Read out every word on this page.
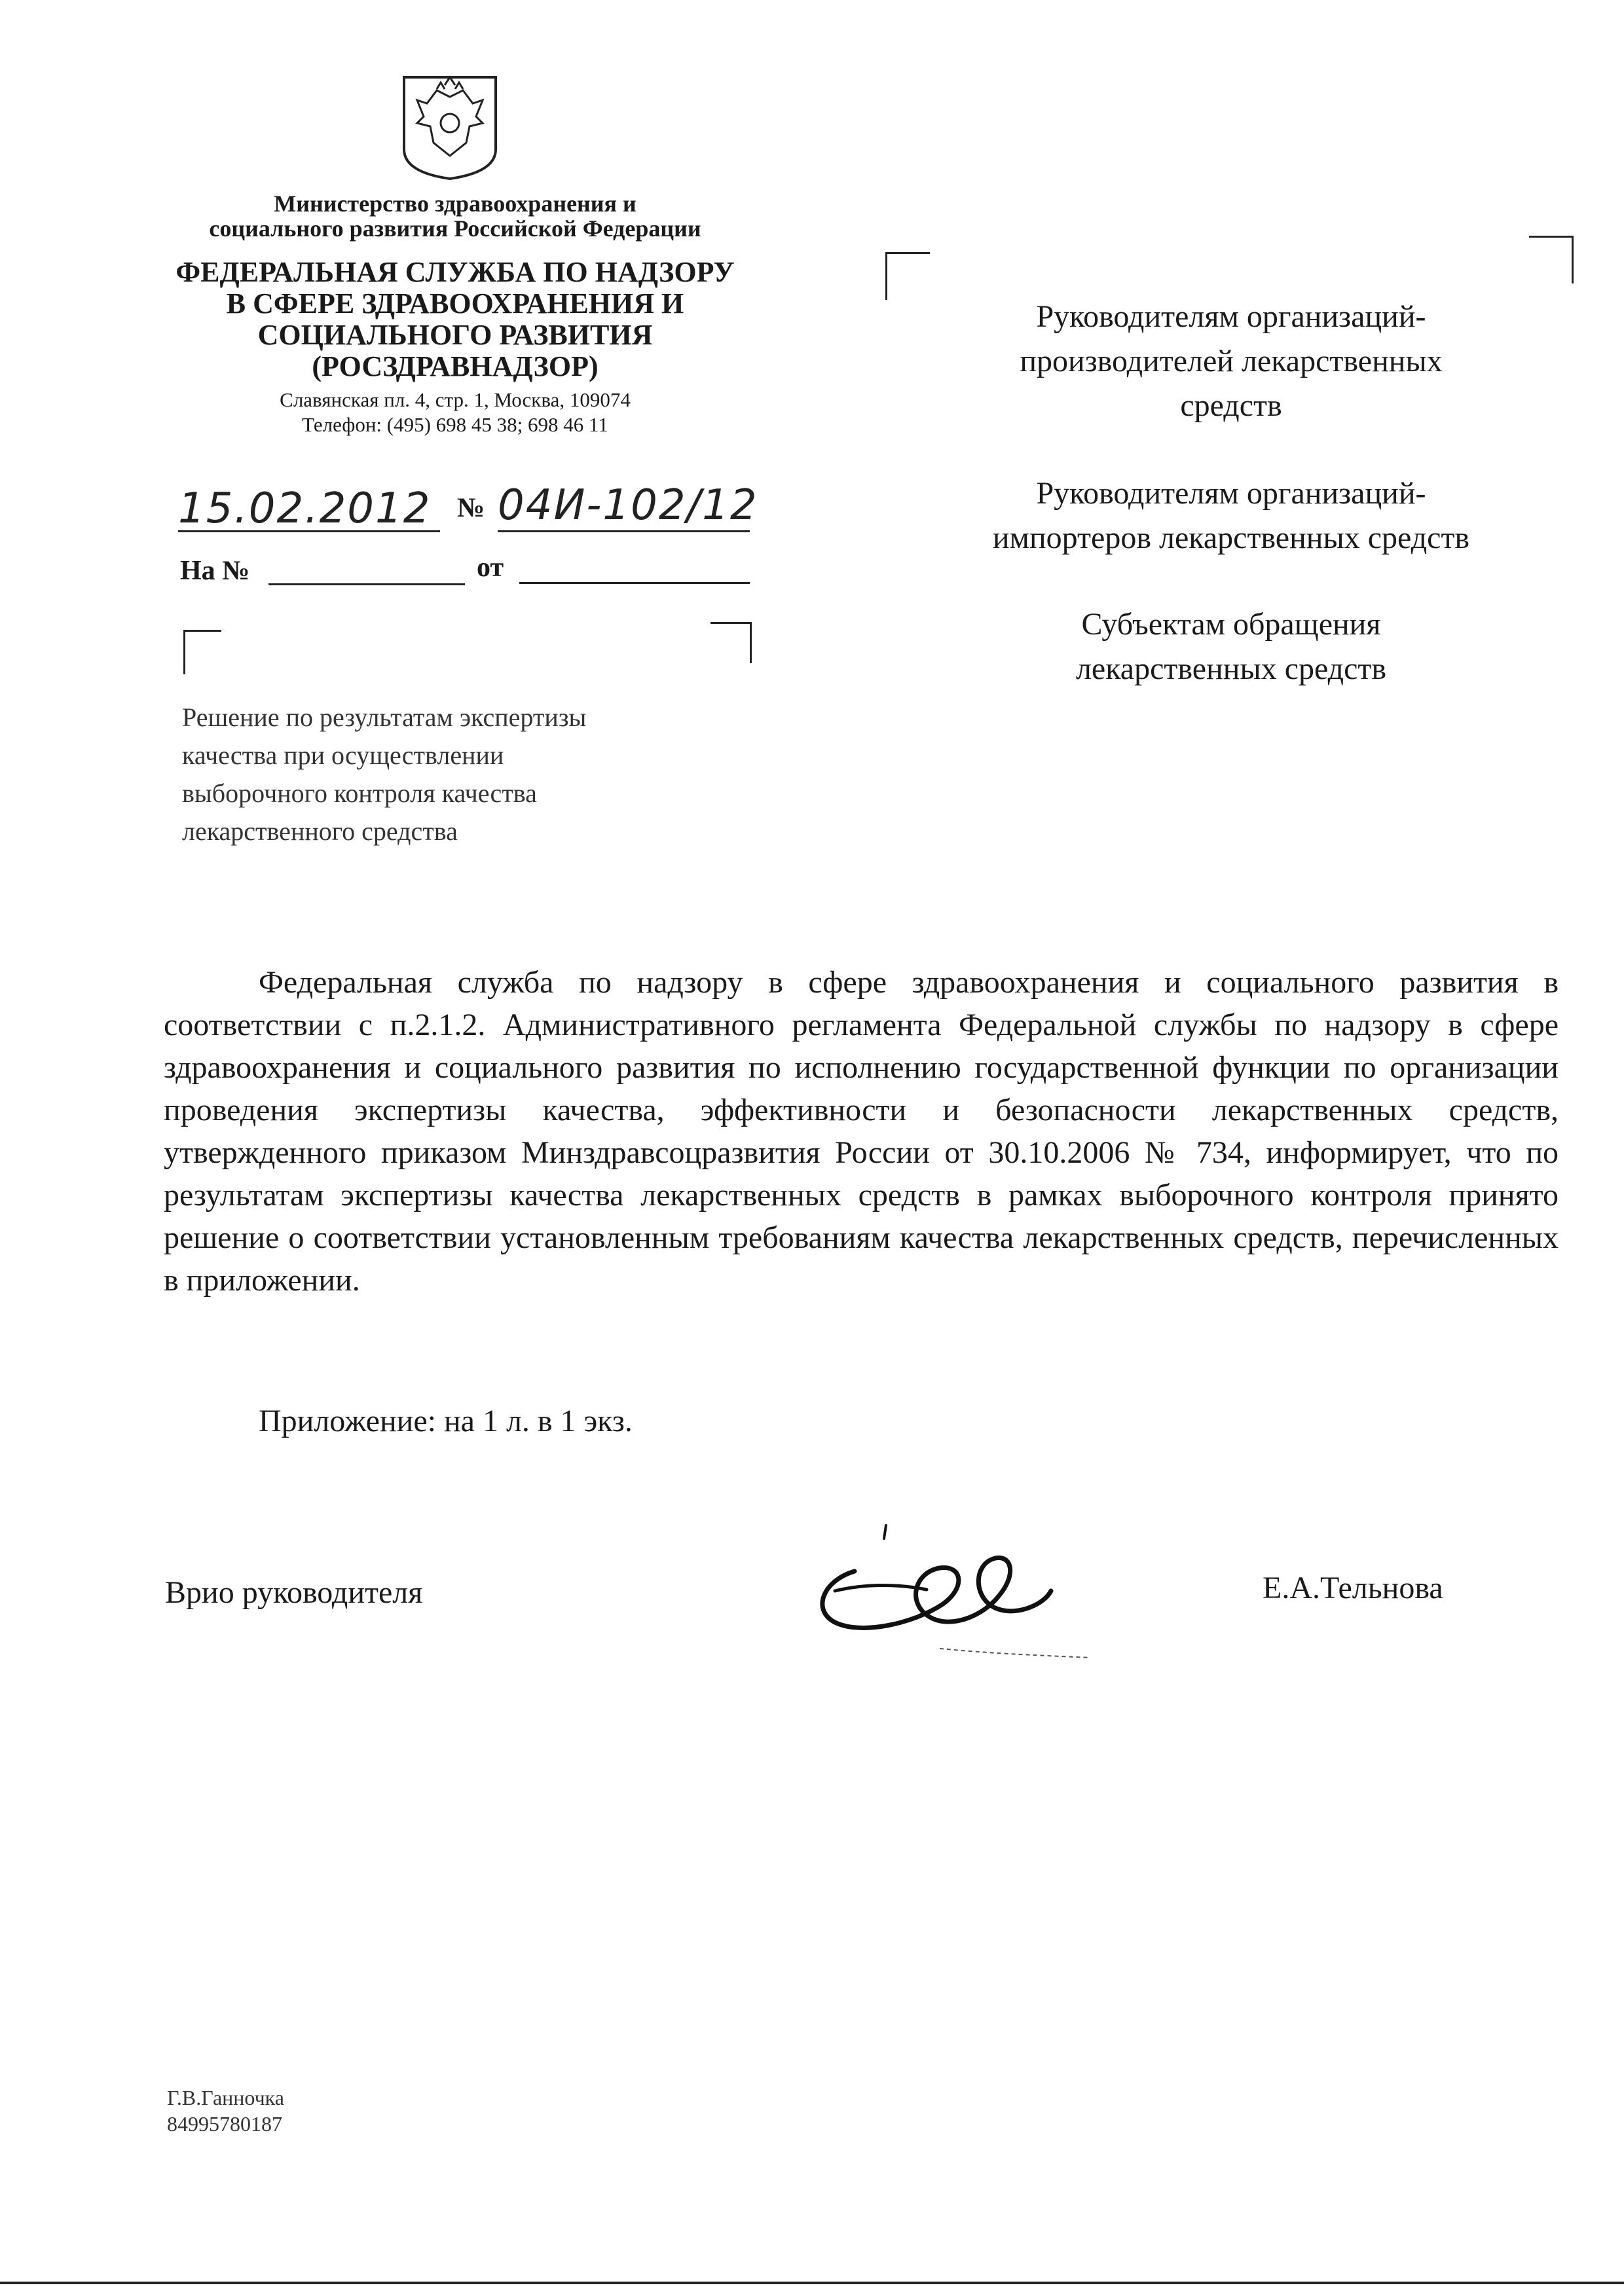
Министерство здравоохранения и
социального развития Российской Федерации
ФЕДЕРАЛЬНАЯ СЛУЖБА ПО НАДЗОРУ
В СФЕРЕ ЗДРАВООХРАНЕНИЯ И
СОЦИАЛЬНОГО РАЗВИТИЯ
(РОСЗДРАВНАДЗОР)
Славянская пл. 4, стр. 1, Москва, 109074
Телефон: (495) 698 45 38; 698 46 11
15.02.2012 № 04И-102/12
На №	от
Решение по результатам экспертизы
качества при осуществлении
выборочного контроля качества
лекарственного средства
Руководителям организаций-
производителей лекарственных
средств
Руководителям организаций-
импортеров лекарственных средств
Субъектам обращения
лекарственных средств
Федеральная служба по надзору в сфере здравоохранения и социального развития в соответствии с п.2.1.2. Административного регламента Федеральной службы по надзору в сфере здравоохранения и социального развития по исполнению государственной функции по организации проведения экспертизы качества, эффективности и безопасности лекарственных средств, утвержденного приказом Минздравсоцразвития России от 30.10.2006 № 734, информирует, что по результатам экспертизы качества лекарственных средств в рамках выборочного контроля принято решение о соответствии установленным требованиям качества лекарственных средств, перечисленных в приложении.
Приложение: на 1 л. в 1 экз.
Врио руководителя	Е.А.Тельнова
Г.В.Ганночка
84995780187
